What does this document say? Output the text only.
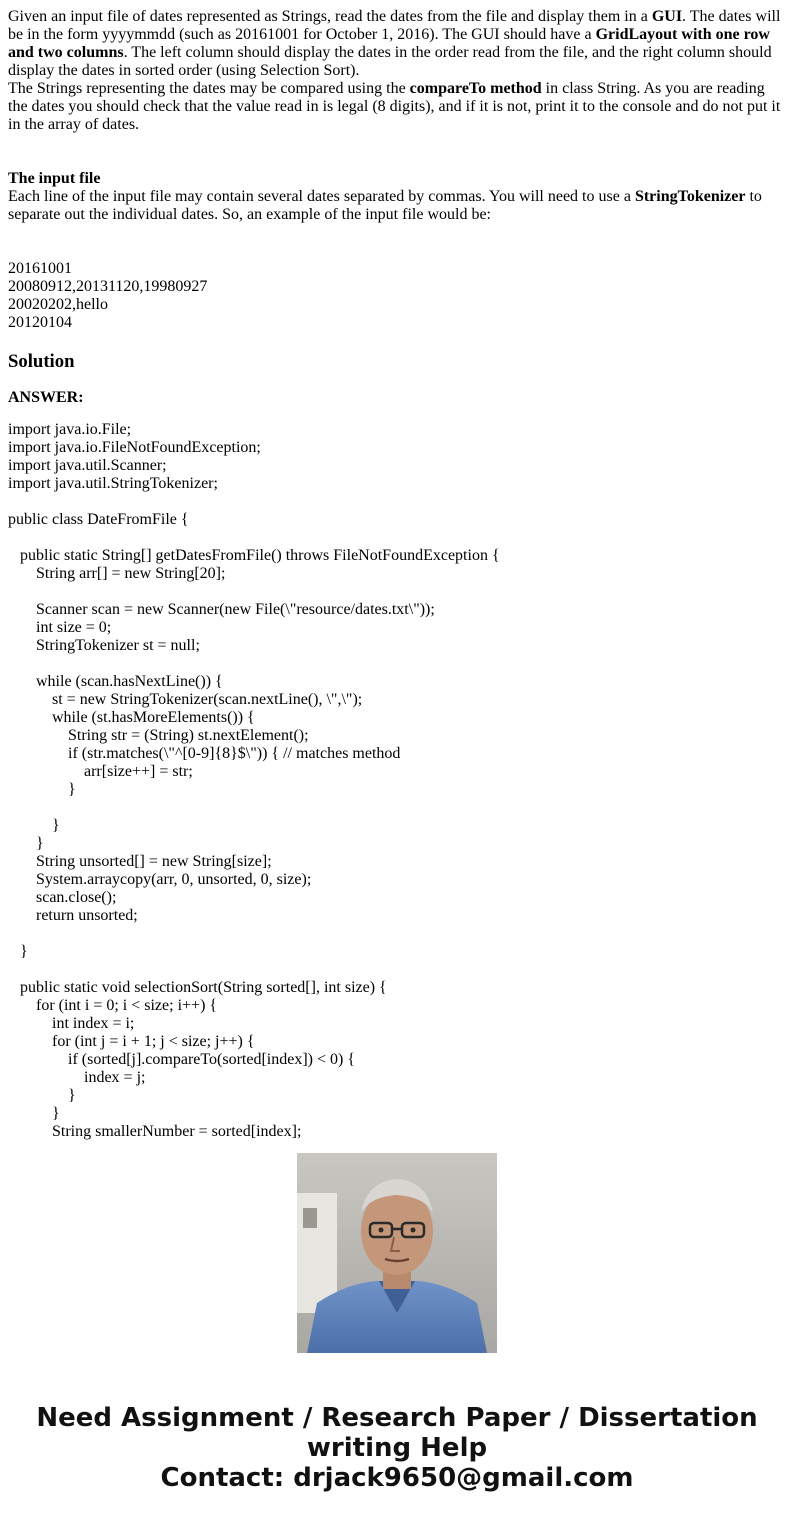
Given an input file of dates represented as Strings, read the dates from the file and display them in a GUI. The dates will be in the form yyyymmdd (such as 20161001 for October 1, 2016). The GUI should have a GridLayout with one row and two columns. The left column should display the dates in the order read from the file, and the right column should display the dates in sorted order (using Selection Sort).

The Strings representing the dates may be compared using the compareTo method in class String. As you are reading the dates you should check that the value read in is legal (8 digits), and if it is not, print it to the console and do not put it in the array of dates.

The input file

Each line of the input file may contain several dates separated by commas. You will need to use a StringTokenizer to separate out the individual dates. So, an example of the input file would be:

20161001
20080912,20131120,19980927
20020202,hello
20120104
Solution

ANSWER:

import java.io.File;
import java.io.FileNotFoundException;
import java.util.Scanner;
import java.util.StringTokenizer;
public class DateFromFile {
public static String[] getDatesFromFile() throws FileNotFoundException {
String arr[] = new String[20];
Scanner scan = new Scanner(new File(\"resource/dates.txt\"));
int size = 0;
StringTokenizer st = null;
while (scan.hasNextLine()) {
st = new StringTokenizer(scan.nextLine(), \",\");
while (st.hasMoreElements()) {
String str = (String) st.nextElement();
if (str.matches(\"^[0-9]{8}$\")) { // matches method
arr[size++] = str;
}
}
}
String unsorted[] = new String[size];
System.arraycopy(arr, 0, unsorted, 0, size);
scan.close();
return unsorted;
}
public static void selectionSort(String sorted[], int size) {
for (int i = 0; i < size; i++) {
int index = i;
for (int j = i + 1; j < size; j++) {
if (sorted[j].compareTo(sorted[index]) < 0) {
index = j;
}
}
String smallerNumber = sorted[index];
Need Assignment / Research Paper / Dissertation
writing Help
Contact: drjack9650@gmail.com
